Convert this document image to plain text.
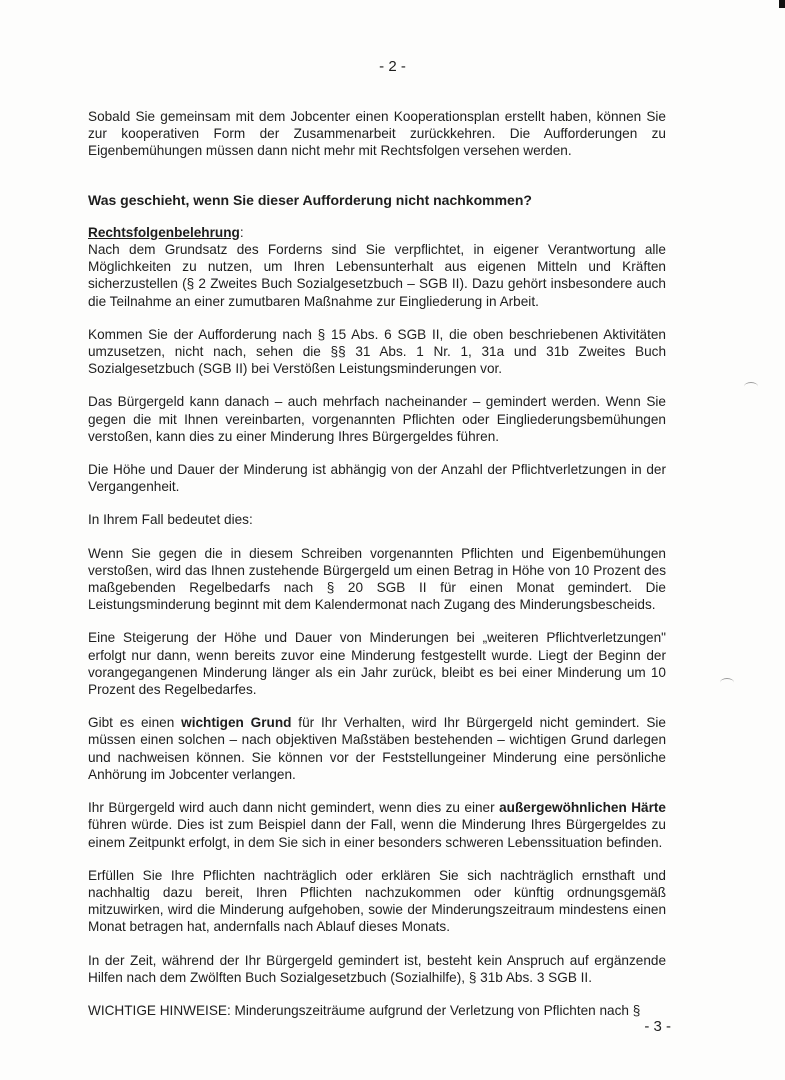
- 2 -

Sobald Sie gemeinsam mit dem Jobcenter einen Kooperationsplan erstellt haben, können Sie zur kooperativen Form der Zusammenarbeit zurückkehren. Die Aufforderungen zu Eigenbemühungen müssen dann nicht mehr mit Rechtsfolgen versehen werden.

Was geschieht, wenn Sie dieser Aufforderung nicht nachkommen?

Rechtsfolgenbelehrung:

Nach dem Grundsatz des Forderns sind Sie verpflichtet, in eigener Verantwortung alle Möglichkeiten zu nutzen, um Ihren Lebensunterhalt aus eigenen Mitteln und Kräften sicherzustellen (§ 2 Zweites Buch Sozialgesetzbuch – SGB II). Dazu gehört insbesondere auch die Teilnahme an einer zumutbaren Maßnahme zur Eingliederung in Arbeit.

Kommen Sie der Aufforderung nach § 15 Abs. 6 SGB II, die oben beschriebenen Aktivitäten umzusetzen, nicht nach, sehen die §§ 31 Abs. 1 Nr. 1, 31a und 31b Zweites Buch Sozialgesetzbuch (SGB II) bei Verstößen Leistungsminderungen vor.

Das Bürgergeld kann danach – auch mehrfach nacheinander – gemindert werden. Wenn Sie gegen die mit Ihnen vereinbarten, vorgenannten Pflichten oder Eingliederungsbemühungen verstoßen, kann dies zu einer Minderung Ihres Bürgergeldes führen.

Die Höhe und Dauer der Minderung ist abhängig von der Anzahl der Pflichtverletzungen in der Vergangenheit.

In Ihrem Fall bedeutet dies:

Wenn Sie gegen die in diesem Schreiben vorgenannten Pflichten und Eigenbemühungen verstoßen, wird das Ihnen zustehende Bürgergeld um einen Betrag in Höhe von 10 Prozent des maßgebenden Regelbedarfs nach § 20 SGB II für einen Monat gemindert. Die Leistungsminderung beginnt mit dem Kalendermonat nach Zugang des Minderungsbescheids.

Eine Steigerung der Höhe und Dauer von Minderungen bei „weiteren Pflichtverletzungen" erfolgt nur dann, wenn bereits zuvor eine Minderung festgestellt wurde. Liegt der Beginn der vorangegangenen Minderung länger als ein Jahr zurück, bleibt es bei einer Minderung um 10 Prozent des Regelbedarfes.

Gibt es einen wichtigen Grund für Ihr Verhalten, wird Ihr Bürgergeld nicht gemindert. Sie müssen einen solchen – nach objektiven Maßstäben bestehenden – wichtigen Grund darlegen und nachweisen können. Sie können vor der Feststellungeiner Minderung eine persönliche Anhörung im Jobcenter verlangen.

Ihr Bürgergeld wird auch dann nicht gemindert, wenn dies zu einer außergewöhnlichen Härte führen würde. Dies ist zum Beispiel dann der Fall, wenn die Minderung Ihres Bürgergeldes zu einem Zeitpunkt erfolgt, in dem Sie sich in einer besonders schweren Lebenssituation befinden.

Erfüllen Sie Ihre Pflichten nachträglich oder erklären Sie sich nachträglich ernsthaft und nachhaltig dazu bereit, Ihren Pflichten nachzukommen oder künftig ordnungsgemäß mitzuwirken, wird die Minderung aufgehoben, sowie der Minderungszeitraum mindestens einen Monat betragen hat, andernfalls nach Ablauf dieses Monats.

In der Zeit, während der Ihr Bürgergeld gemindert ist, besteht kein Anspruch auf ergänzende Hilfen nach dem Zwölften Buch Sozialgesetzbuch (Sozialhilfe), § 31b Abs. 3 SGB II.

WICHTIGE HINWEISE: Minderungszeiträume aufgrund der Verletzung von Pflichten nach §

- 3 -
